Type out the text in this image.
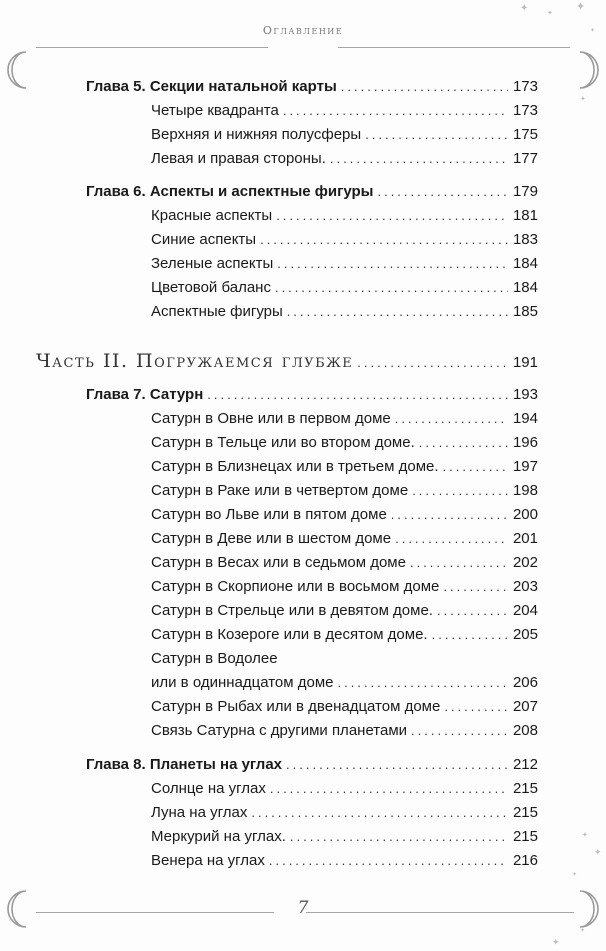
Оглавление
✦	✦
✦
✦
✦
✦
✦
✦
✦
✦
Глава 5. Секции натальной карты .....	173
Четыре квадранта .....	173
Верхняя и нижняя полусферы .....	175
Левая и правая стороны. .....	177
Глава 6. Аспекты и аспектные фигуры .....	179
Красные аспекты .....	181
Синие аспекты .....	183
Зеленые аспекты .....	184
Цветовой баланс .....	184
Аспектные фигуры .....	185
Часть II. Погружаемся глубже .....	191
Глава 7. Сатурн .....	193
Сатурн в Овне или в первом доме .....	194
Сатурн в Тельце или во втором доме. .....	196
Сатурн в Близнецах или в третьем доме. .....	197
Сатурн в Раке или в четвертом доме .....	198
Сатурн во Льве или в пятом доме .....	200
Сатурн в Деве или в шестом доме .....	201
Сатурн в Весах или в седьмом доме .....	202
Сатурн в Скорпионе или в восьмом доме .....	203
Сатурн в Стрельце или в девятом доме. .....	204
Сатурн в Козероге или в десятом доме. .....	205
Сатурн в Водолее
или в одиннадцатом доме .....	206
Сатурн в Рыбах или в двенадцатом доме .....	207
Связь Сатурна с другими планетами .....	208
Глава 8. Планеты на углах .....	212
Солнце на углах .....	215
Луна на углах .....	215
Меркурий на углах. .....	215
Венера на углах .....	216
7
